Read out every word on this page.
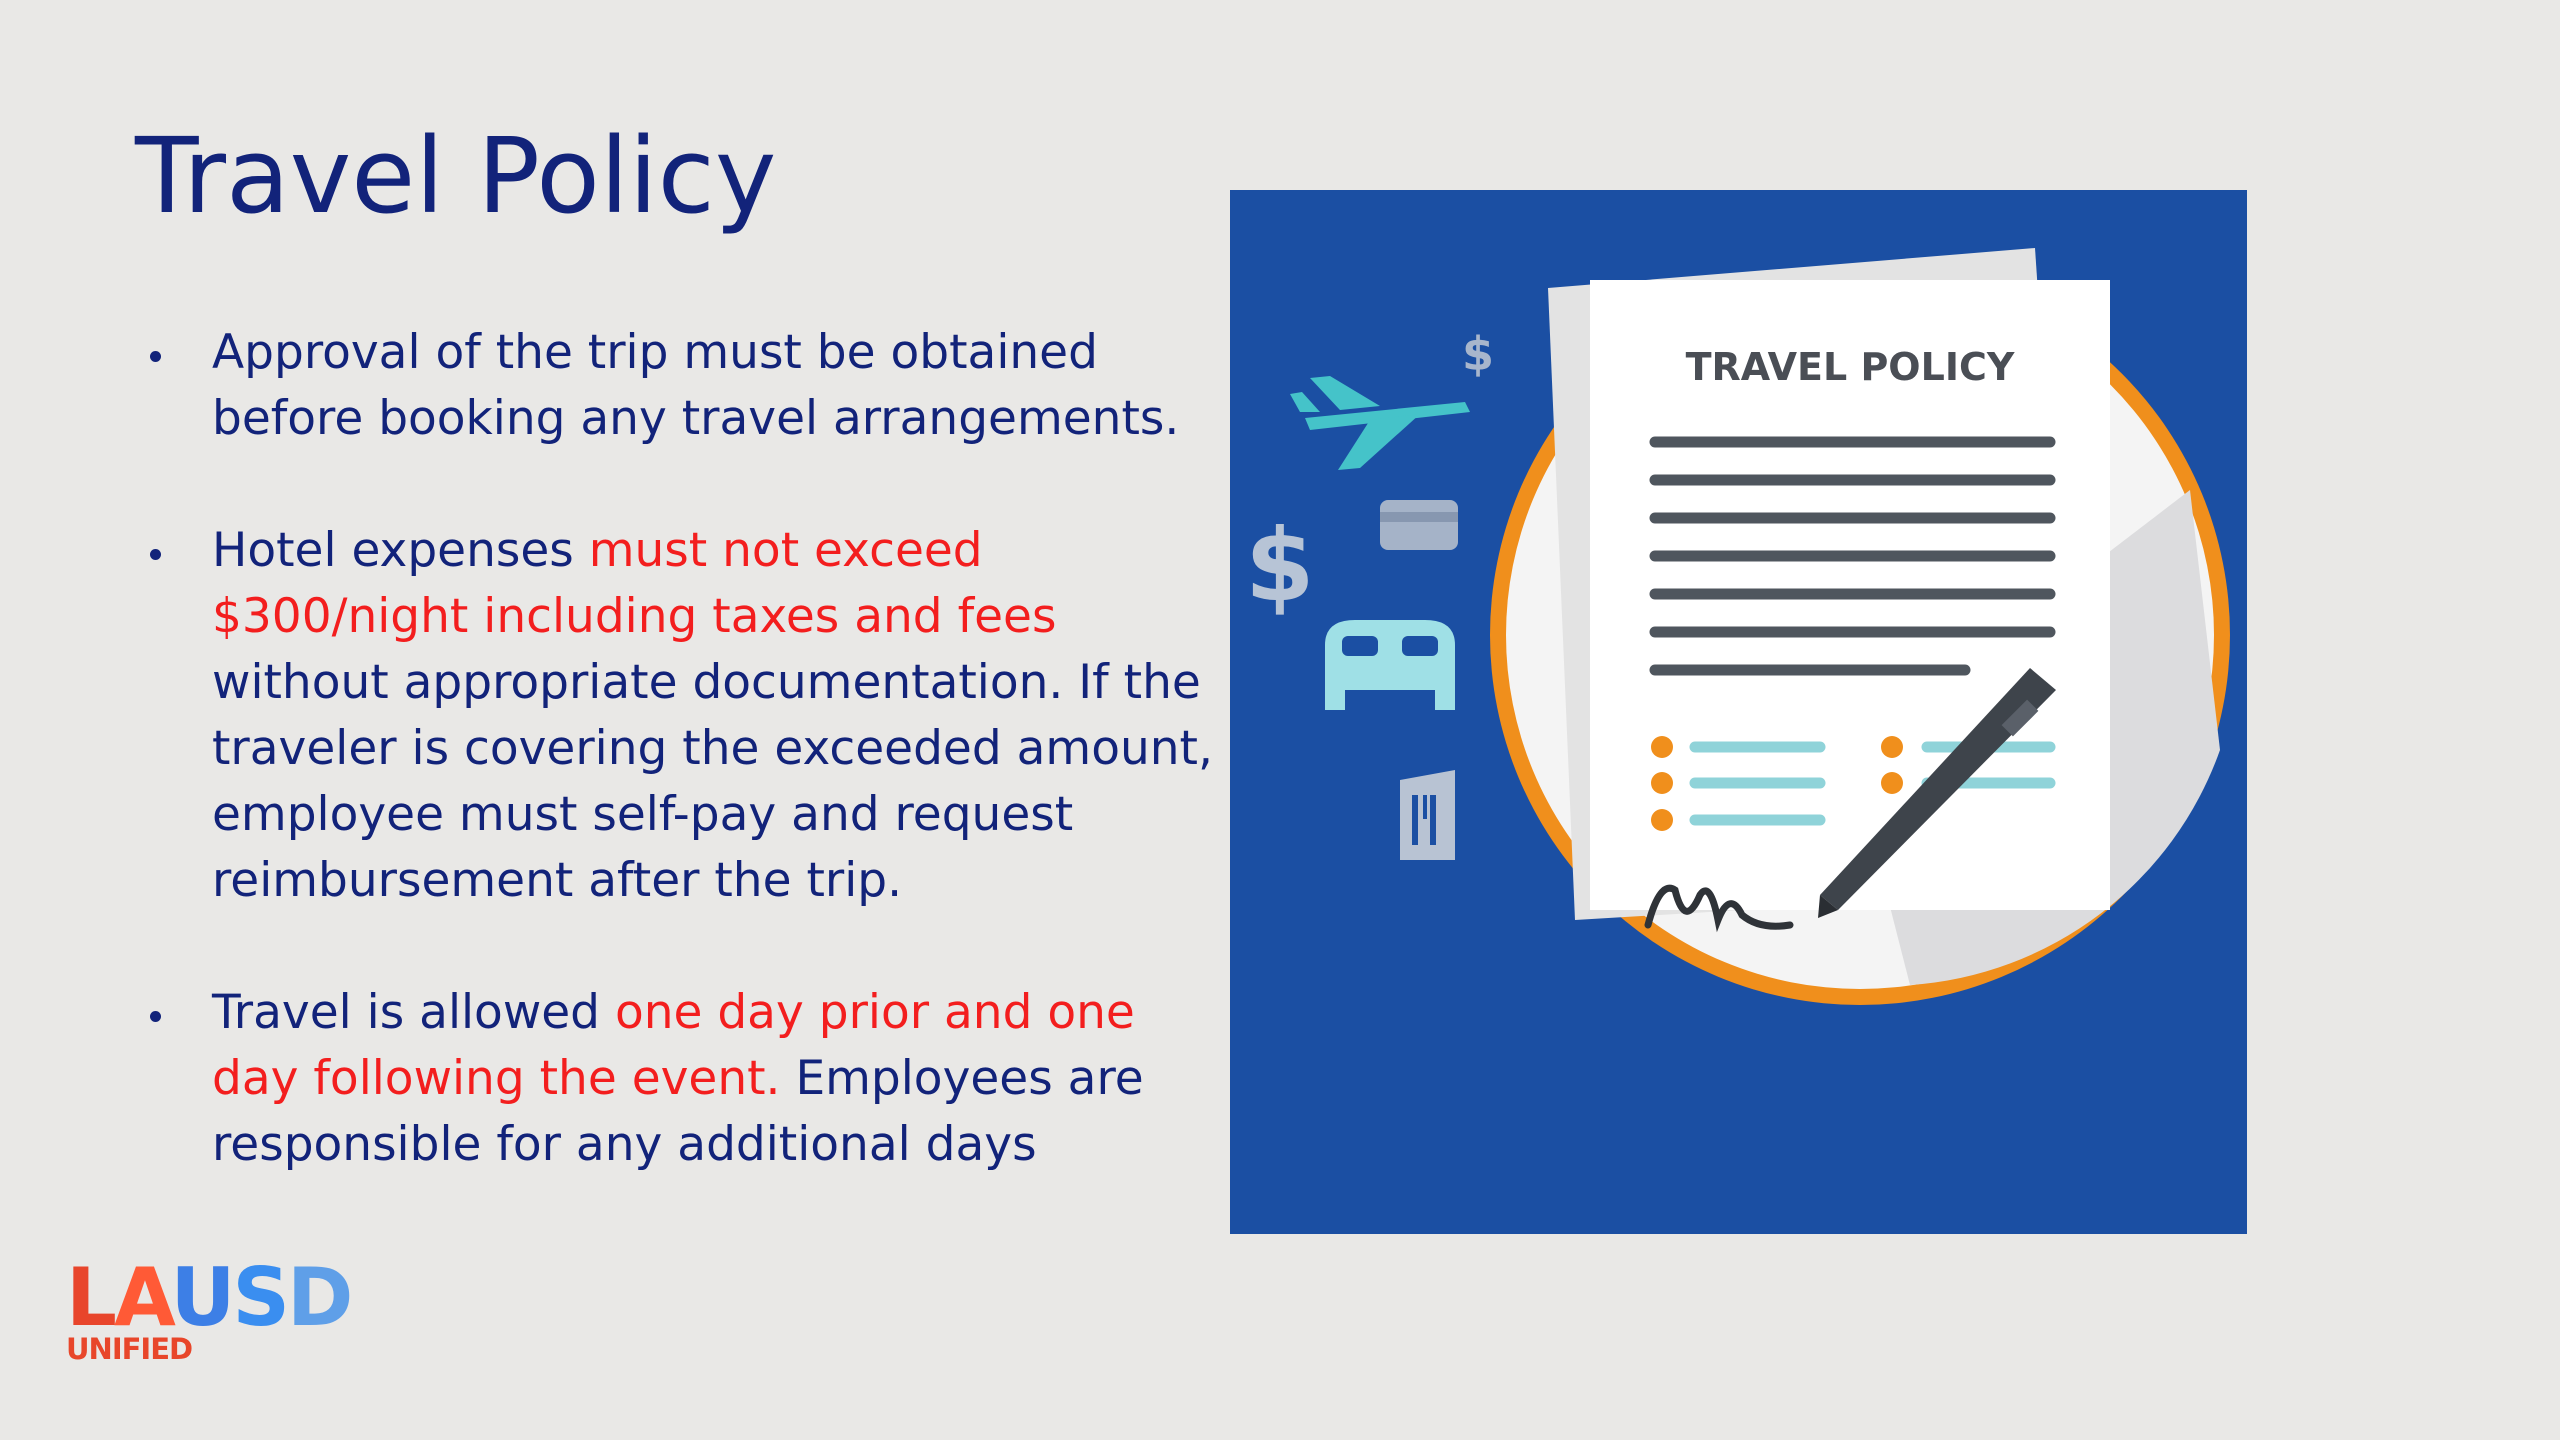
Travel Policy
Approval of the trip must be obtained before booking any travel arrangements.
Hotel expenses must not exceed $300/night including taxes and fees without appropriate documentation. If the traveler is covering the exceeded amount, employee must self-pay and request reimbursement after the trip.
Travel is allowed one day prior and one day following the event. Employees are responsible for any additional days
$
$
TRAVEL POLICY
LAUSD
UNIFIED
